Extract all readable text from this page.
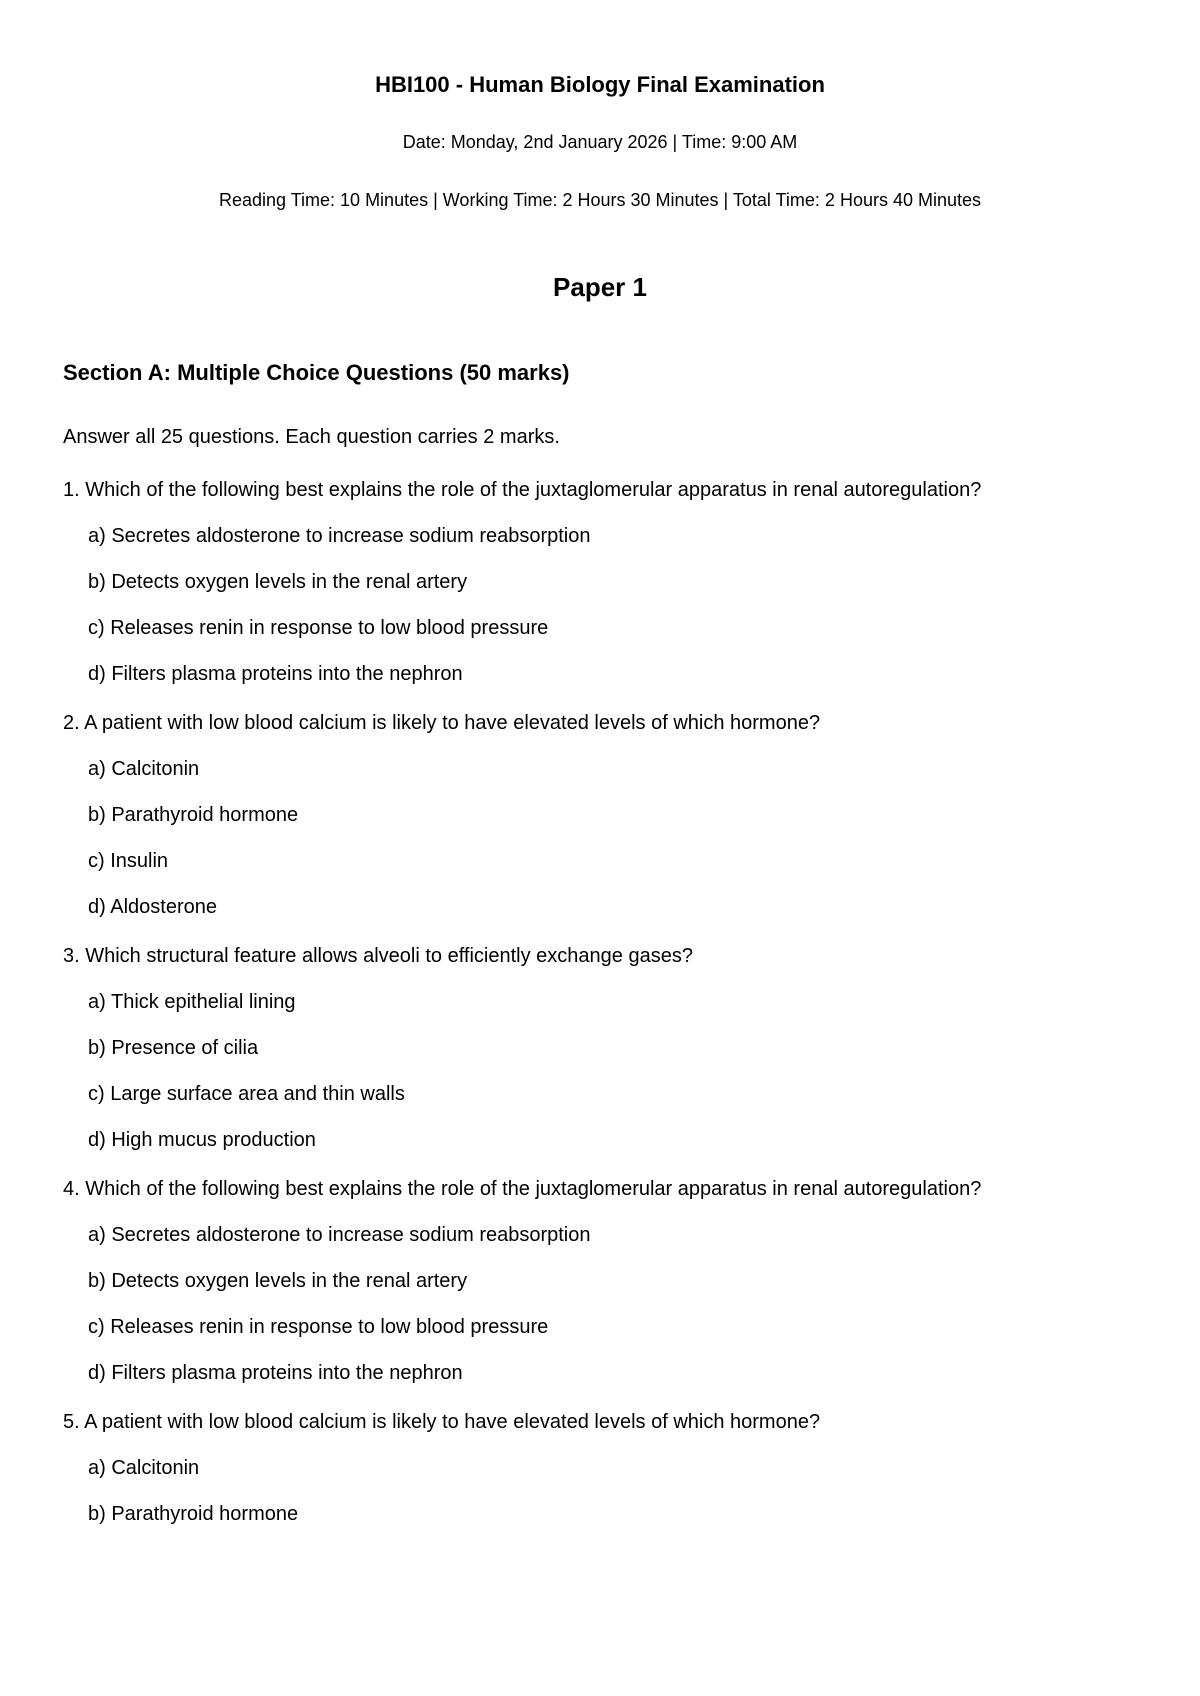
HBI100 - Human Biology Final Examination
Date: Monday, 2nd January 2026 | Time: 9:00 AM
Reading Time: 10 Minutes | Working Time: 2 Hours 30 Minutes | Total Time: 2 Hours 40 Minutes
Paper 1
Section A: Multiple Choice Questions (50 marks)
Answer all 25 questions. Each question carries 2 marks.
1. Which of the following best explains the role of the juxtaglomerular apparatus in renal autoregulation?
a) Secretes aldosterone to increase sodium reabsorption
b) Detects oxygen levels in the renal artery
c) Releases renin in response to low blood pressure
d) Filters plasma proteins into the nephron
2. A patient with low blood calcium is likely to have elevated levels of which hormone?
a) Calcitonin
b) Parathyroid hormone
c) Insulin
d) Aldosterone
3. Which structural feature allows alveoli to efficiently exchange gases?
a) Thick epithelial lining
b) Presence of cilia
c) Large surface area and thin walls
d) High mucus production
4. Which of the following best explains the role of the juxtaglomerular apparatus in renal autoregulation?
a) Secretes aldosterone to increase sodium reabsorption
b) Detects oxygen levels in the renal artery
c) Releases renin in response to low blood pressure
d) Filters plasma proteins into the nephron
5. A patient with low blood calcium is likely to have elevated levels of which hormone?
a) Calcitonin
b) Parathyroid hormone
